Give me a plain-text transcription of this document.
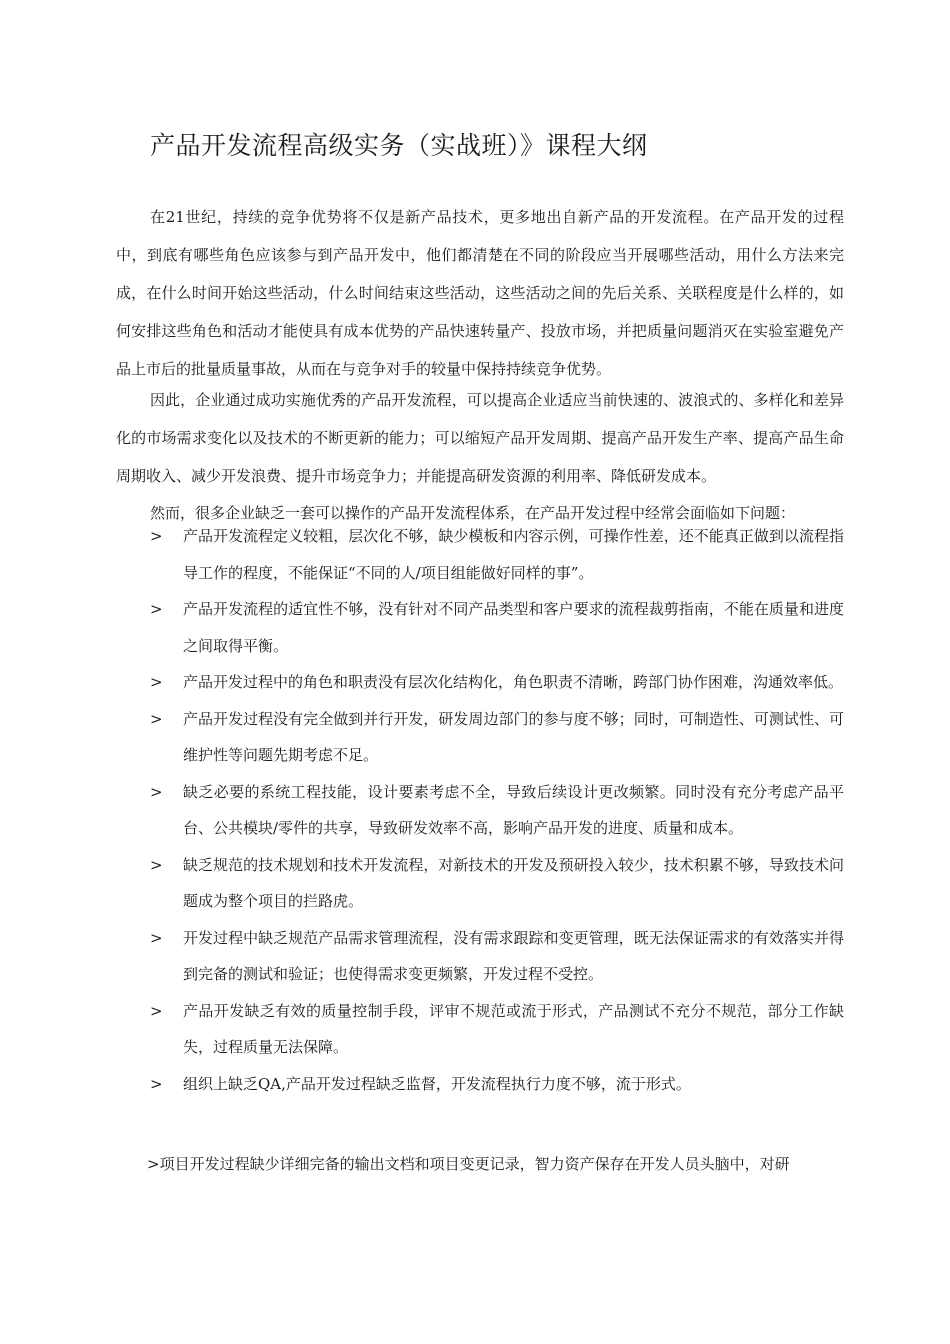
产品开发流程高级实务（实战班）》课程大纲

在21世纪，持续的竞争优势将不仅是新产品技术，更多地出自新产品的开发流程。在产品开发的过程中，到底有哪些角色应该参与到产品开发中，他们都清楚在不同的阶段应当开展哪些活动，用什么方法来完成，在什么时间开始这些活动，什么时间结束这些活动，这些活动之间的先后关系、关联程度是什么样的，如何安排这些角色和活动才能使具有成本优势的产品快速转量产、投放市场，并把质量问题消灭在实验室避免产品上市后的批量质量事故，从而在与竞争对手的较量中保持持续竞争优势。

因此，企业通过成功实施优秀的产品开发流程，可以提高企业适应当前快速的、波浪式的、多样化和差异化的市场需求变化以及技术的不断更新的能力；可以缩短产品开发周期、提高产品开发生产率、提高产品生命周期收入、减少开发浪费、提升市场竞争力；并能提高研发资源的利用率、降低研发成本。

然而，很多企业缺乏一套可以操作的产品开发流程体系，在产品开发过程中经常会面临如下问题：

> 产品开发流程定义较粗，层次化不够，缺少模板和内容示例，可操作性差，还不能真正做到以流程指导工作的程度，不能保证“不同的人/项目组能做好同样的事”。
> 产品开发流程的适宜性不够，没有针对不同产品类型和客户要求的流程裁剪指南，不能在质量和进度之间取得平衡。
> 产品开发过程中的角色和职责没有层次化结构化，角色职责不清晰，跨部门协作困难，沟通效率低。
> 产品开发过程没有完全做到并行开发，研发周边部门的参与度不够；同时，可制造性、可测试性、可维护性等问题先期考虑不足。
> 缺乏必要的系统工程技能，设计要素考虑不全，导致后续设计更改频繁。同时没有充分考虑产品平台、公共模块/零件的共享，导致研发效率不高，影响产品开发的进度、质量和成本。
> 缺乏规范的技术规划和技术开发流程，对新技术的开发及预研投入较少，技术积累不够，导致技术问题成为整个项目的拦路虎。
> 开发过程中缺乏规范产品需求管理流程，没有需求跟踪和变更管理，既无法保证需求的有效落实并得到完备的测试和验证；也使得需求变更频繁，开发过程不受控。
> 产品开发缺乏有效的质量控制手段，评审不规范或流于形式，产品测试不充分不规范，部分工作缺失，过程质量无法保障。
> 组织上缺乏QA,产品开发过程缺乏监督，开发流程执行力度不够，流于形式。
>项目开发过程缺少详细完备的输出文档和项目变更记录，智力资产保存在开发人员头脑中，对研
